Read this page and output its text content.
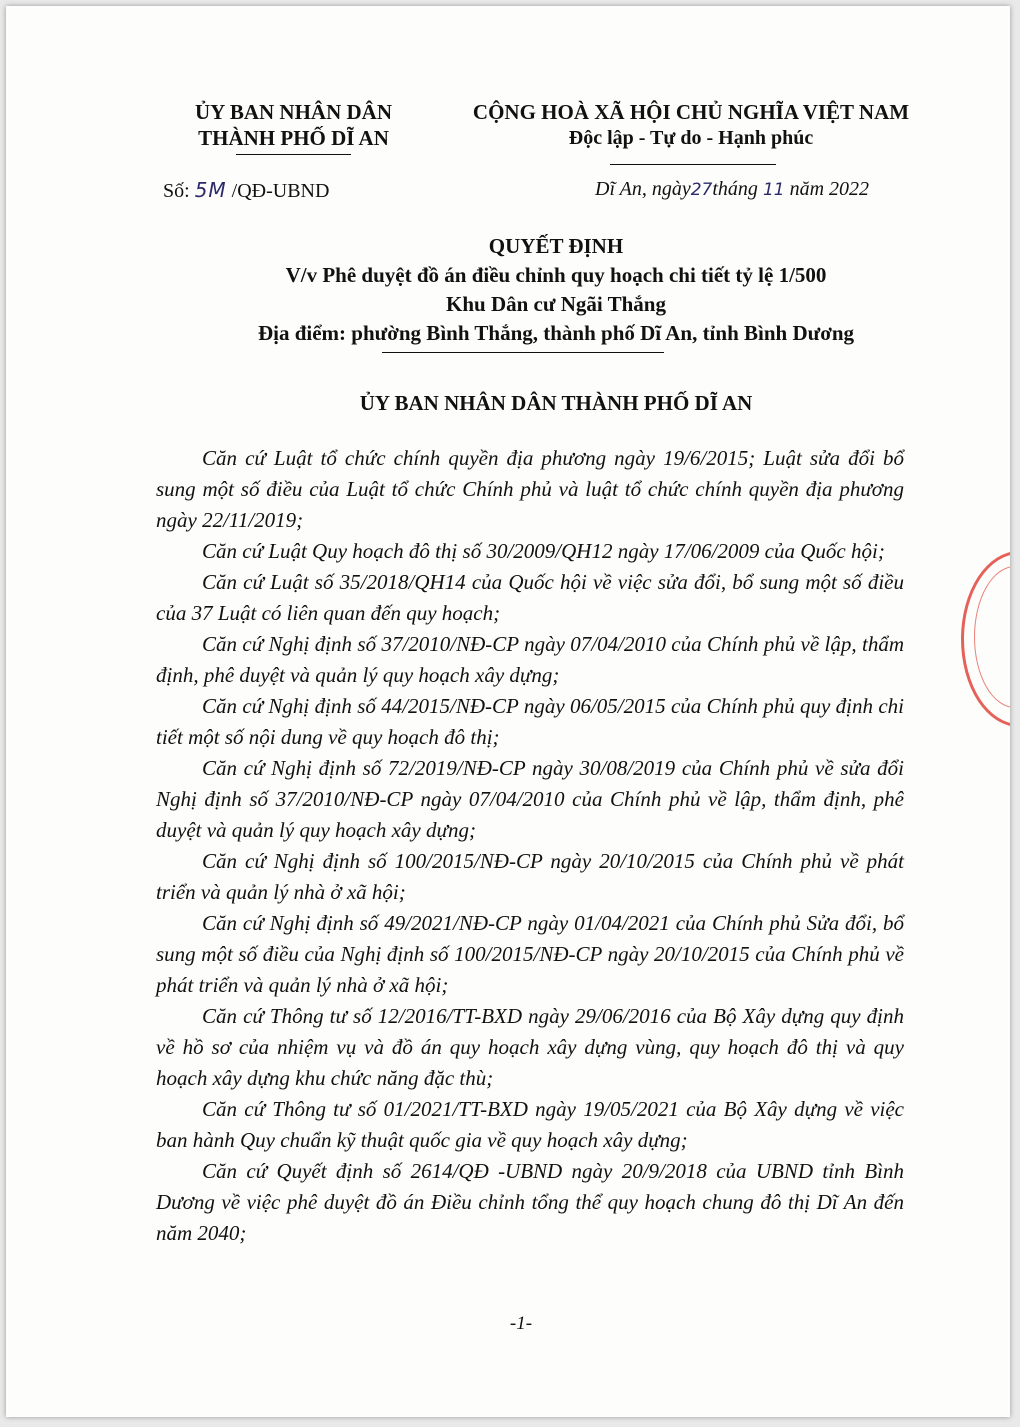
ỦY BAN NHÂN DÂN
THÀNH PHỐ DĨ AN
CỘNG HOÀ XÃ HỘI CHỦ NGHĨA VIỆT NAM
Độc lập - Tự do - Hạnh phúc
Số: 5M /QĐ-UBND	Dĩ An, ngày27tháng 11 năm 2022
QUYẾT ĐỊNH
V/v Phê duyệt đồ án điều chỉnh quy hoạch chi tiết tỷ lệ 1/500
Khu Dân cư Ngãi Thắng
Địa điểm: phường Bình Thắng, thành phố Dĩ An, tỉnh Bình Dương
ỦY BAN NHÂN DÂN THÀNH PHỐ DĨ AN

Căn cứ Luật tổ chức chính quyền địa phương ngày 19/6/2015; Luật sửa đổi bổ sung một số điều của Luật tổ chức Chính phủ và luật tổ chức chính quyền địa phương ngày 22/11/2019;

Căn cứ Luật Quy hoạch đô thị số 30/2009/QH12 ngày 17/06/2009 của Quốc hội;

Căn cứ Luật số 35/2018/QH14 của Quốc hội về việc sửa đổi, bổ sung một số điều của 37 Luật có liên quan đến quy hoạch;

Căn cứ Nghị định số 37/2010/NĐ-CP ngày 07/04/2010 của Chính phủ về lập, thẩm định, phê duyệt và quản lý quy hoạch xây dựng;

Căn cứ Nghị định số 44/2015/NĐ-CP ngày 06/05/2015 của Chính phủ quy định chi tiết một số nội dung về quy hoạch đô thị;

Căn cứ Nghị định số 72/2019/NĐ-CP ngày 30/08/2019 của Chính phủ về sửa đổi Nghị định số 37/2010/NĐ-CP ngày 07/04/2010 của Chính phủ về lập, thẩm định, phê duyệt và quản lý quy hoạch xây dựng;

Căn cứ Nghị định số 100/2015/NĐ-CP ngày 20/10/2015 của Chính phủ về phát triển và quản lý nhà ở xã hội;

Căn cứ Nghị định số 49/2021/NĐ-CP ngày 01/04/2021 của Chính phủ Sửa đổi, bổ sung một số điều của Nghị định số 100/2015/NĐ-CP ngày 20/10/2015 của Chính phủ về phát triển và quản lý nhà ở xã hội;

Căn cứ Thông tư số 12/2016/TT-BXD ngày 29/06/2016 của Bộ Xây dựng quy định về hồ sơ của nhiệm vụ và đồ án quy hoạch xây dựng vùng, quy hoạch đô thị và quy hoạch xây dựng khu chức năng đặc thù;

Căn cứ Thông tư số 01/2021/TT-BXD ngày 19/05/2021 của Bộ Xây dựng về việc ban hành Quy chuẩn kỹ thuật quốc gia về quy hoạch xây dựng;

Căn cứ Quyết định số 2614/QĐ -UBND ngày 20/9/2018 của UBND tỉnh Bình Dương về việc phê duyệt đồ án Điều chỉnh tổng thể quy hoạch chung đô thị Dĩ An đến năm 2040;

-1-
